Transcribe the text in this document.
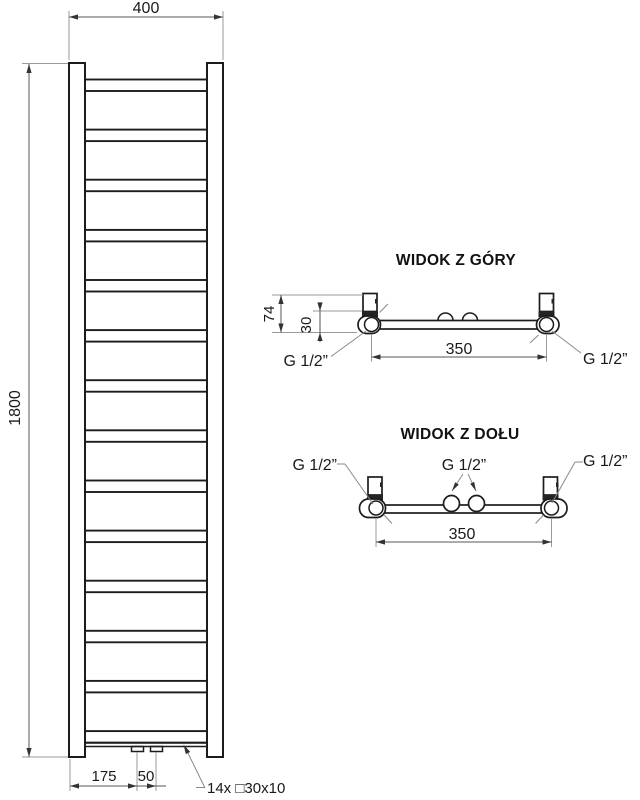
400
1800
175 50
14x □30x10
WIDOK Z GÓRY
74
30
350
G 1/2”	G 1/2”
WIDOK Z DOŁU
G 1/2”	G 1/2”	G 1/2”
350
